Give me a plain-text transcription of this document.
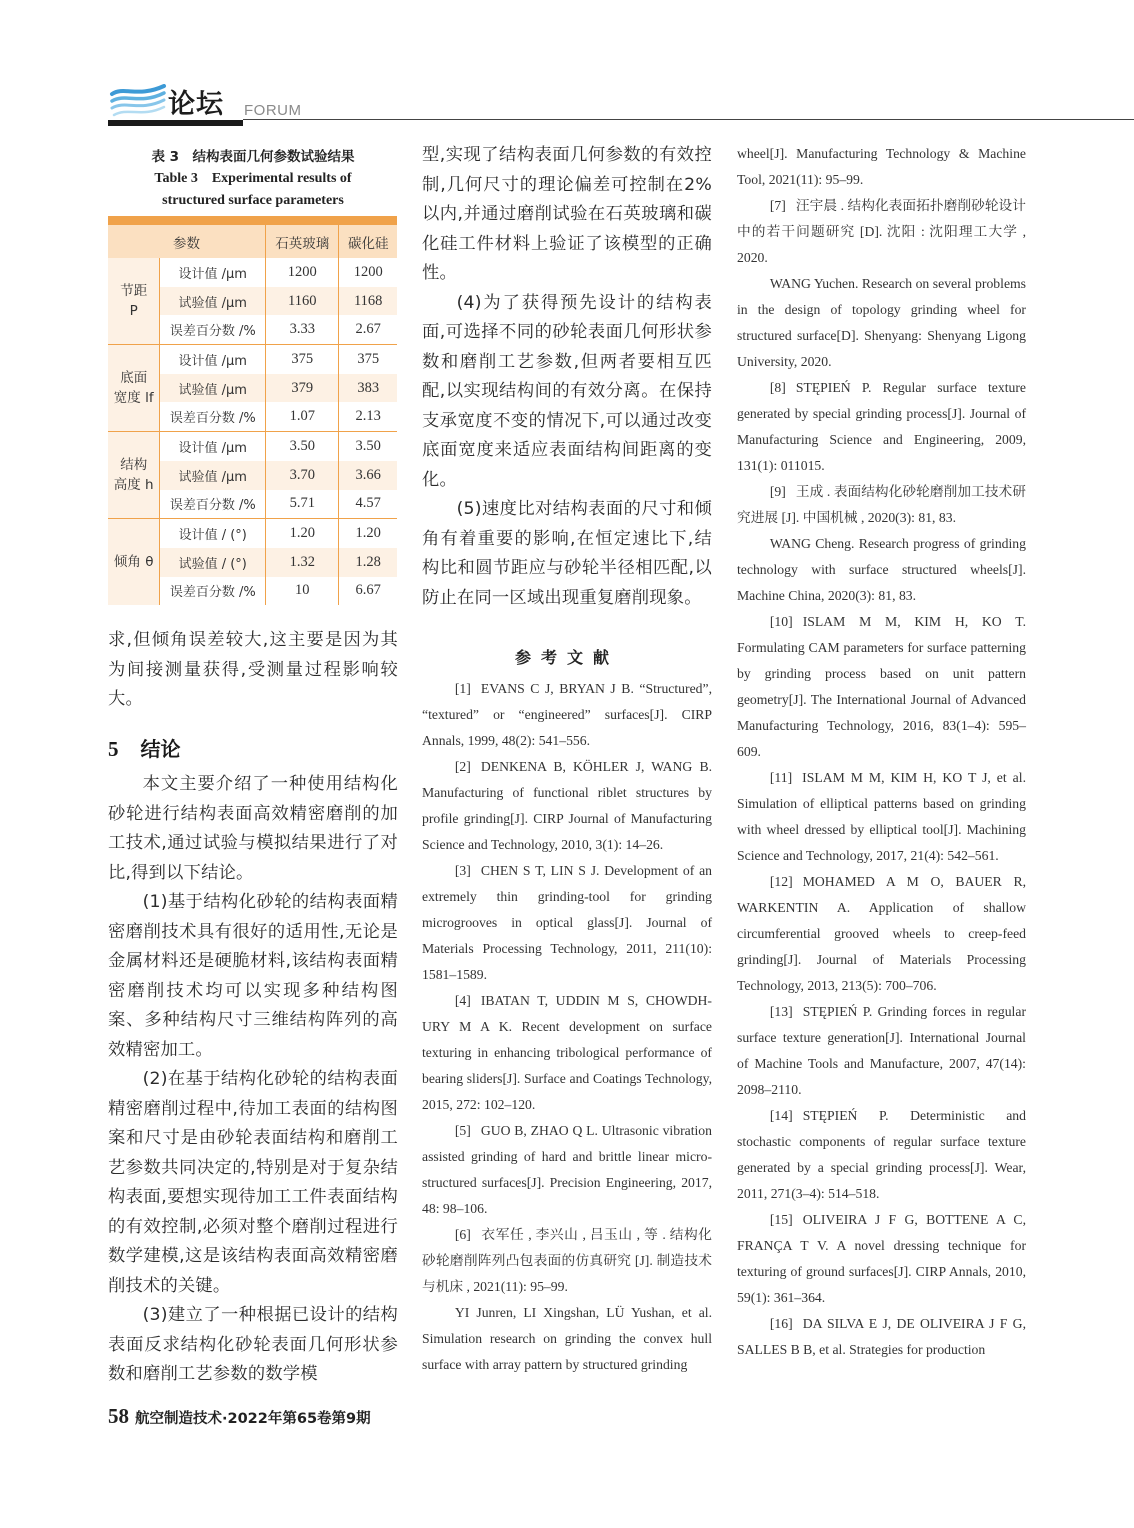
论坛 FORUM
表 3　结构表面几何参数试验结果
Table 3　Experimental results of
structured surface parameters

参数		石英玻璃	碳化硅

节距
P	设计值 /μm	1200	1200
	试验值 /μm	1160	1168
	误差百分数 /%	3.33	2.67

底面
宽度 lf	设计值 /μm	375	375
	试验值 /μm	379	383
	误差百分数 /%	1.07	2.13

结构
高度 h	设计值 /μm	3.50	3.50
	试验值 /μm	3.70	3.66
	误差百分数 /%	5.71	4.57

倾角 θ	设计值 / (°)	1.20	1.20
	试验值 / (°)	1.32	1.28
	误差百分数 /%	10	6.67

求,但倾角误差较大,这主要是因为其为间接测量获得,受测量过程影响较大。

5 结论

本文主要介绍了一种使用结构化砂轮进行结构表面高效精密磨削的加工技术,通过试验与模拟结果进行了对比,得到以下结论。

(1)基于结构化砂轮的结构表面精密磨削技术具有很好的适用性,无论是金属材料还是硬脆材料,该结构表面精密磨削技术均可以实现多种结构图案、多种结构尺寸三维结构阵列的高效精密加工。

(2)在基于结构化砂轮的结构表面精密磨削过程中,待加工表面的结构图案和尺寸是由砂轮表面结构和磨削工艺参数共同决定的,特别是对于复杂结构表面,要想实现待加工工件表面结构的有效控制,必须对整个磨削过程进行数学建模,这是该结构表面高效精密磨削技术的关键。

(3)建立了一种根据已设计的结构表面反求结构化砂轮表面几何形状参数和磨削工艺参数的数学模

型,实现了结构表面几何参数的有效控制,几何尺寸的理论偏差可控制在2% 以内,并通过磨削试验在石英玻璃和碳化硅工件材料上验证了该模型的正确性。

(4)为了获得预先设计的结构表面,可选择不同的砂轮表面几何形状参数和磨削工艺参数,但两者要相互匹配,以实现结构间的有效分离。在保持支承宽度不变的情况下,可以通过改变底面宽度来适应表面结构间距离的变化。

(5)速度比对结构表面的尺寸和倾角有着重要的影响,在恒定速比下,结构比和圆节距应与砂轮半径相匹配,以防止在同一区域出现重复磨削现象。

参考文献

[1] EVANS C J, BRYAN J B. “Structured”, “textured” or “engineered” surfaces[J]. CIRP Annals, 1999, 48(2): 541–556.

[2] DENKENA B, KÖHLER J, WANG B. Manufacturing of functional riblet structures by profile grinding[J]. CIRP Journal of Manufacturing Science and Technology, 2010, 3(1): 14–26.

[3] CHEN S T, LIN S J. Development of an extremely thin grinding-tool for grinding microgrooves in optical glass[J]. Journal of Materials Processing Technology, 2011, 211(10): 1581–1589.

[4] IBATAN T, UDDIN M S, CHOWDH-URY M A K. Recent development on surface texturing in enhancing tribological performance of bearing sliders[J]. Surface and Coatings Technology, 2015, 272: 102–120.

[5] GUO B, ZHAO Q L. Ultrasonic vibration assisted grinding of hard and brittle linear micro-structured surfaces[J]. Precision Engineering, 2017, 48: 98–106.

[6] 衣军任 , 李兴山 , 吕玉山 , 等 . 结构化砂轮磨削阵列凸包表面的仿真研究 [J]. 制造技术与机床 , 2021(11): 95–99.

YI Junren, LI Xingshan, LÜ Yushan, et al. Simulation research on grinding the convex hull surface with array pattern by structured grinding

wheel[J]. Manufacturing Technology & Machine Tool, 2021(11): 95–99.

[7] 汪宇晨 . 结构化表面拓扑磨削砂轮设计中的若干问题研究 [D]. 沈阳 : 沈阳理工大学 , 2020.

WANG Yuchen. Research on several problems in the design of topology grinding wheel for structured surface[D]. Shenyang: Shenyang Ligong University, 2020.

[8] STĘPIEŃ P. Regular surface texture generated by special grinding process[J]. Journal of Manufacturing Science and Engineering, 2009, 131(1): 011015.

[9] 王成 . 表面结构化砂轮磨削加工技术研究进展 [J]. 中国机械 , 2020(3): 81, 83.

WANG Cheng. Research progress of grinding technology with surface structured wheels[J]. Machine China, 2020(3): 81, 83.

[10] ISLAM M M, KIM H, KO T. Formulating CAM parameters for surface patterning by grinding process based on unit pattern geometry[J]. The International Journal of Advanced Manufacturing Technology, 2016, 83(1–4): 595–609.

[11] ISLAM M M, KIM H, KO T J, et al. Simulation of elliptical patterns based on grinding with wheel dressed by elliptical tool[J]. Machining Science and Technology, 2017, 21(4): 542–561.

[12] MOHAMED A M O, BAUER R, WARKENTIN A. Application of shallow circumferential grooved wheels to creep-feed grinding[J]. Journal of Materials Processing Technology, 2013, 213(5): 700–706.

[13] STĘPIEŃ P. Grinding forces in regular surface texture generation[J]. International Journal of Machine Tools and Manufacture, 2007, 47(14): 2098–2110.

[14] STĘPIEŃ P. Deterministic and stochastic components of regular surface texture generated by a special grinding process[J]. Wear, 2011, 271(3–4): 514–518.

[15] OLIVEIRA J F G, BOTTENE A C, FRANÇA T V. A novel dressing technique for texturing of ground surfaces[J]. CIRP Annals, 2010, 59(1): 361–364.

[16] DA SILVA E J, DE OLIVEIRA J F G, SALLES B B, et al. Strategies for production

58 航空制造技术·2022年第65卷第9期
